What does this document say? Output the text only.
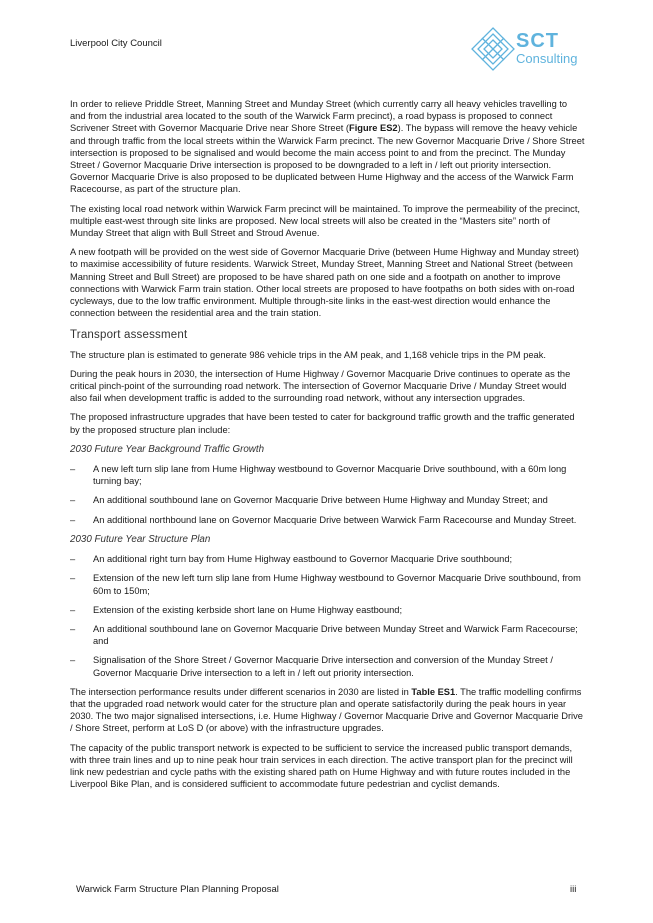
Liverpool City Council	SCT
Consulting

In order to relieve Priddle Street, Manning Street and Munday Street (which currently carry all heavy vehicles travelling to and from the industrial area located to the south of the Warwick Farm precinct), a road bypass is proposed to connect Scrivener Street with Governor Macquarie Drive near Shore Street (Figure ES2). The bypass will remove the heavy vehicle and through traffic from the local streets within the Warwick Farm precinct. The new Governor Macquarie Drive / Shore Street intersection is proposed to be signalised and would become the main access point to and from the precinct. The Munday Street / Governor Macquarie Drive intersection is proposed to be downgraded to a left in / left out priority intersection. Governor Macquarie Drive is also proposed to be duplicated between Hume Highway and the access of the Warwick Farm Racecourse, as part of the structure plan.

The existing local road network within Warwick Farm precinct will be maintained. To improve the permeability of the precinct, multiple east-west through site links are proposed. New local streets will also be created in the “Masters site” north of Munday Street that align with Bull Street and Stroud Avenue.

A new footpath will be provided on the west side of Governor Macquarie Drive (between Hume Highway and Munday street) to maximise accessibility of future residents. Warwick Street, Munday Street, Manning Street and National Street (between Manning Street and Bull Street) are proposed to be have shared path on one side and a footpath on another to improve connections with Warwick Farm train station. Other local streets are proposed to have footpaths on both sides with on-road cycleways, due to the low traffic environment. Multiple through-site links in the east-west direction would enhance the connection between the residential area and the train station.

Transport assessment

The structure plan is estimated to generate 986 vehicle trips in the AM peak, and 1,168 vehicle trips in the PM peak.

During the peak hours in 2030, the intersection of Hume Highway / Governor Macquarie Drive continues to operate as the critical pinch-point of the surrounding road network. The intersection of Governor Macquarie Drive / Munday Street would also fail when development traffic is added to the surrounding road network, without any intersection upgrades.

The proposed infrastructure upgrades that have been tested to cater for background traffic growth and the traffic generated by the proposed structure plan include:

2030 Future Year Background Traffic Growth
– A new left turn slip lane from Hume Highway westbound to Governor Macquarie Drive southbound, with a 60m long turning bay;
– An additional southbound lane on Governor Macquarie Drive between Hume Highway and Munday Street; and
– An additional northbound lane on Governor Macquarie Drive between Warwick Farm Racecourse and Munday Street.
2030 Future Year Structure Plan
– An additional right turn bay from Hume Highway eastbound to Governor Macquarie Drive southbound;
– Extension of the new left turn slip lane from Hume Highway westbound to Governor Macquarie Drive southbound, from 60m to 150m;
– Extension of the existing kerbside short lane on Hume Highway eastbound;
– An additional southbound lane on Governor Macquarie Drive between Munday Street and Warwick Farm Racecourse; and
– Signalisation of the Shore Street / Governor Macquarie Drive intersection and conversion of the Munday Street / Governor Macquarie Drive intersection to a left in / left out priority intersection.

The intersection performance results under different scenarios in 2030 are listed in Table ES1. The traffic modelling confirms that the upgraded road network would cater for the structure plan and operate satisfactorily during the peak hours in year 2030. The two major signalised intersections, i.e. Hume Highway / Governor Macquarie Drive and Governor Macquarie Drive / Shore Street, perform at LoS D (or above) with the infrastructure upgrades.

The capacity of the public transport network is expected to be sufficient to service the increased public transport demands, with three train lines and up to nine peak hour train services in each direction. The active transport plan for the precinct will link new pedestrian and cycle paths with the existing shared path on Hume Highway and with future routes included in the Liverpool Bike Plan, and is considered sufficient to accommodate future pedestrian and cyclist demands.

Warwick Farm Structure Plan Planning Proposal	iii
